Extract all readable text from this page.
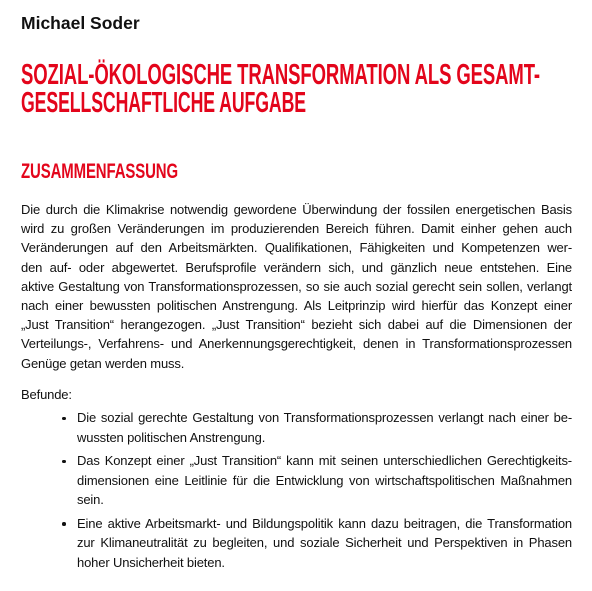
Michael Soder
SOZIAL-ÖKOLOGISCHE TRANSFORMATION ALS GESAMT-
GESELLSCHAFTLICHE AUFGABE
ZUSAMMENFASSUNG
Die durch die Klimakrise notwendig gewordene Überwindung der fossilen energetischen Basis
wird zu großen Veränderungen im produzierenden Bereich führen. Damit einher gehen auch
Veränderungen auf den Arbeitsmärkten. Qualifikationen, Fähigkeiten und Kompetenzen wer-
den auf- oder abgewertet. Berufsprofile verändern sich, und gänzlich neue entstehen. Eine
aktive Gestaltung von Transformationsprozessen, so sie auch sozial gerecht sein sollen, verlangt
nach einer bewussten politischen Anstrengung. Als Leitprinzip wird hierfür das Konzept einer
„Just Transition“ herangezogen. „Just Transition“ bezieht sich dabei auf die Dimensionen der
Verteilungs-, Verfahrens- und Anerkennungsgerechtigkeit, denen in Transformationsprozessen
Genüge getan werden muss.
Befunde:
Die sozial gerechte Gestaltung von Transformationsprozessen verlangt nach einer be-
wussten politischen Anstrengung.
Das Konzept einer „Just Transition“ kann mit seinen unterschiedlichen Gerechtigkeits-
dimensionen eine Leitlinie für die Entwicklung von wirtschaftspolitischen Maßnahmen
sein.
Eine aktive Arbeitsmarkt- und Bildungspolitik kann dazu beitragen, die Transformation
zur Klimaneutralität zu begleiten, und soziale Sicherheit und Perspektiven in Phasen
hoher Unsicherheit bieten.
